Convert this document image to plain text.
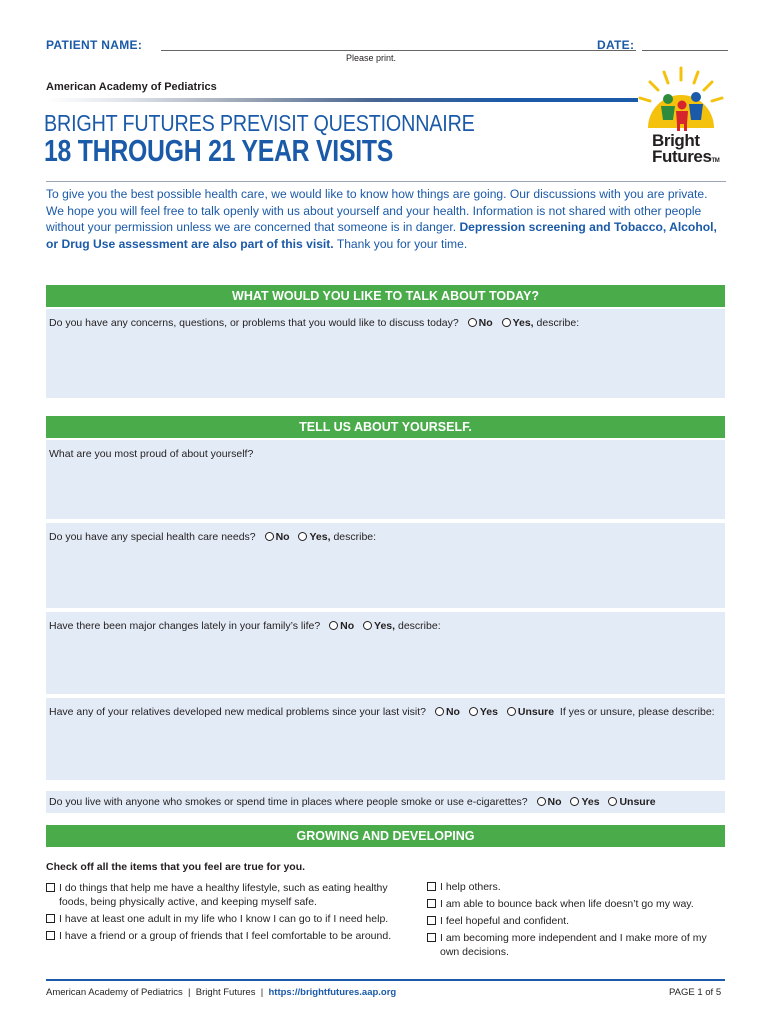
PATIENT NAME:	DATE:
Please print.
American Academy of Pediatrics
BRIGHT FUTURES PREVISIT QUESTIONNAIRE
18 THROUGH 21 YEAR VISITS	Bright
FuturesTM
To give you the best possible health care, we would like to know how things are going. Our discussions with you are private. We hope you will feel free to talk openly with us about yourself and your health. Information is not shared with other people without your permission unless we are concerned that someone is in danger. Depression screening and Tobacco, Alcohol, or Drug Use assessment are also part of this visit. Thank you for your time.
WHAT WOULD YOU LIKE TO TALK ABOUT TODAY?
Do you have any concerns, questions, or problems that you would like to discuss today? No Yes, describe:
TELL US ABOUT YOURSELF.
What are you most proud of about yourself?
Do you have any special health care needs? No Yes, describe:
Have there been major changes lately in your family’s life? No Yes, describe:
Have any of your relatives developed new medical problems since your last visit? No Yes Unsure If yes or unsure, please describe:
Do you live with anyone who smokes or spend time in places where people smoke or use e-cigarettes? No Yes Unsure
GROWING AND DEVELOPING
Check off all the items that you feel are true for you.
I do things that help me have a healthy lifestyle, such as eating healthy foods, being physically active, and keeping myself safe.
I have at least one adult in my life who I know I can go to if I need help.
I have a friend or a group of friends that I feel comfortable to be around.
I help others.
I am able to bounce back when life doesn’t go my way.
I feel hopeful and confident.
I am becoming more independent and I make more of my own decisions.
American Academy of Pediatrics | Bright Futures | https://brightfutures.aap.org	PAGE 1 of 5
